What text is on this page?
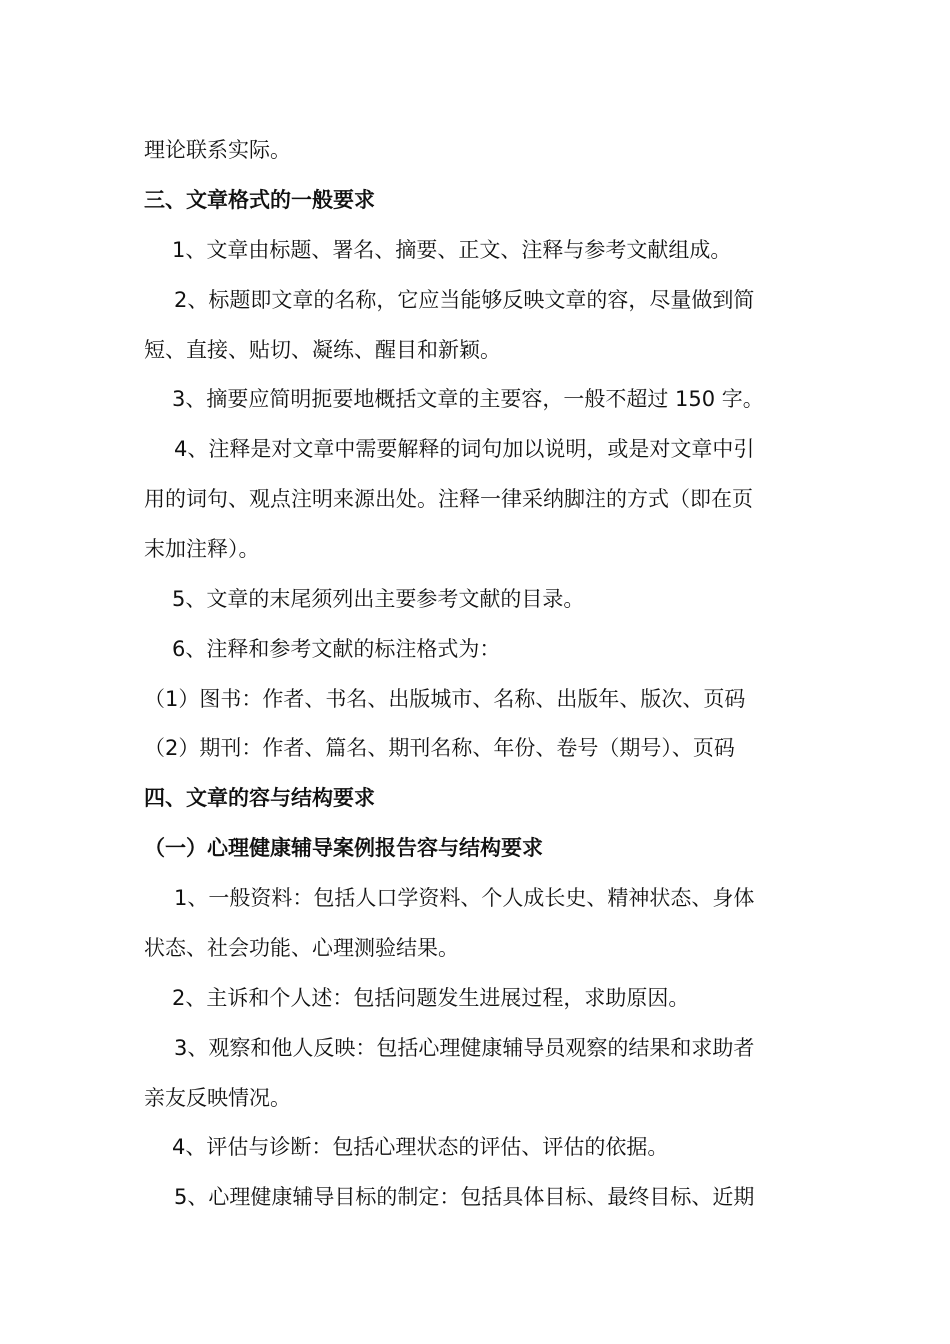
理论联系实际。
三、文章格式的一般要求
1、文章由标题、署名、摘要、正文、注释与参考文献组成。
2、标题即文章的名称，它应当能够反映文章的容，尽量做到简
短、直接、贴切、凝练、醒目和新颖。
3、摘要应简明扼要地概括文章的主要容，一般不超过 150 字。
4、注释是对文章中需要解释的词句加以说明，或是对文章中引
用的词句、观点注明来源出处。注释一律采纳脚注的方式（即在页
末加注释）。
5、文章的末尾须列出主要参考文献的目录。
6、注释和参考文献的标注格式为：
（1）图书：作者、书名、出版城市、名称、出版年、版次、页码
（2）期刊：作者、篇名、期刊名称、年份、卷号（期号）、页码
四、文章的容与结构要求
（一）心理健康辅导案例报告容与结构要求
1、一般资料：包括人口学资料、个人成长史、精神状态、身体
状态、社会功能、心理测验结果。
2、主诉和个人述：包括问题发生进展过程，求助原因。
3、观察和他人反映：包括心理健康辅导员观察的结果和求助者
亲友反映情况。
4、评估与诊断：包括心理状态的评估、评估的依据。
5、心理健康辅导目标的制定：包括具体目标、最终目标、近期
